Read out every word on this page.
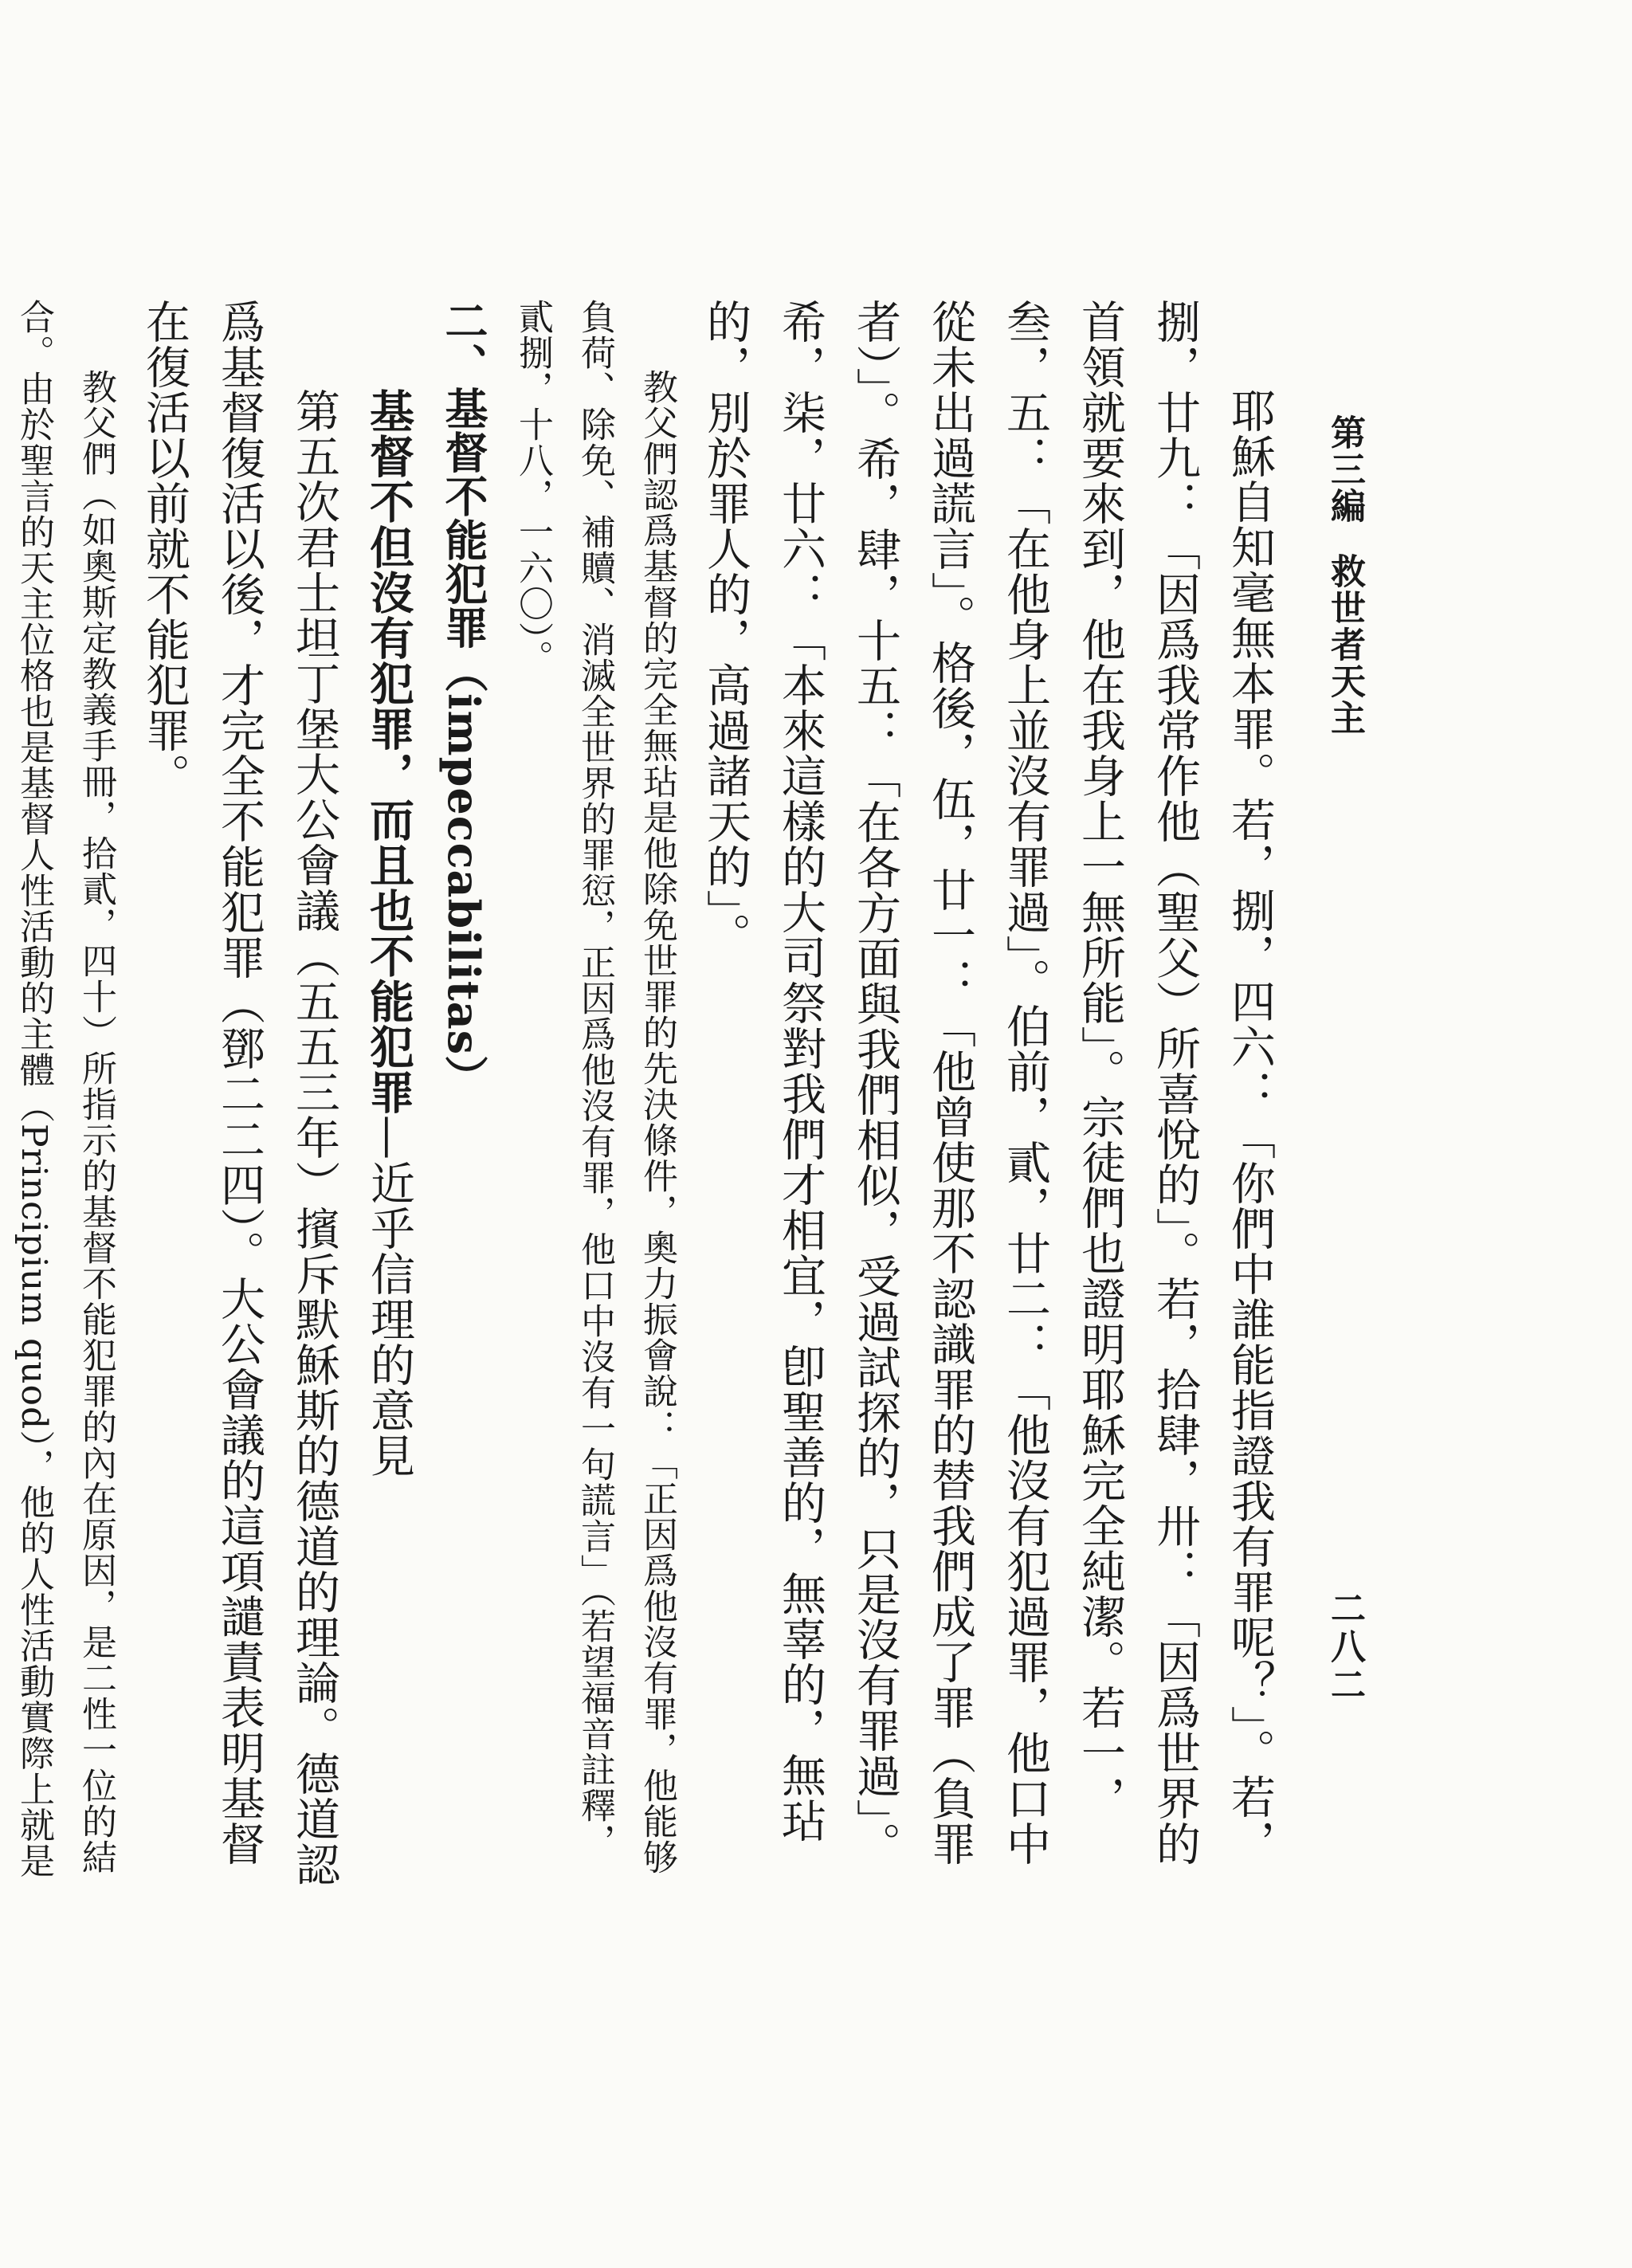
第三編救世者天主
二八二

耶穌自知毫無本罪。若，捌，四六：「你們中誰能指證我有罪呢？」。若，捌，廿九：「因爲我常作他（聖父）所喜悅的」。若，拾肆，卅：「因爲世界的首領就要來到，他在我身上一無所能」。宗徒們也證明耶穌完全純潔。若一，叁，五：「在他身上並沒有罪過」。伯前，貳，廿二：「他沒有犯過罪，他口中從未出過謊言」。格後，伍，廿一：「他曾使那不認識罪的替我們成了罪（負罪者）」。希，肆，十五：「在各方面與我們相似，受過試探的，只是沒有罪過」。希，柒，廿六：「本來這樣的大司祭對我們才相宜，卽聖善的，無辜的，無玷的，別於罪人的，高過諸天的」。

教父們認爲基督的完全無玷是他除免世罪的先決條件，奧力振會說：「正因爲他沒有罪，他能够負荷、除免、補贖、消滅全世界的罪愆，正因爲他沒有罪，他口中沒有一句謊言」（若望福音註釋，貳捌，十八，一六〇）。

二、基督不能犯罪（impeccabilitas）

基督不但沒有犯罪，而且也不能犯罪—近乎信理的意見

第五次君士坦丁堡大公會議（五五三年）擯斥默穌斯的德道的理論。德道認爲基督復活以後，才完全不能犯罪（鄧二二四）。大公會議的這項譴責表明基督在復活以前就不能犯罪。

教父們（如奧斯定教義手冊，拾貳，四十）所指示的基督不能犯罪的內在原因，是二性一位的結合。由於聖言的天主位格也是基督人性活動的主體（Principium quod），他的人性活動實際上就是
